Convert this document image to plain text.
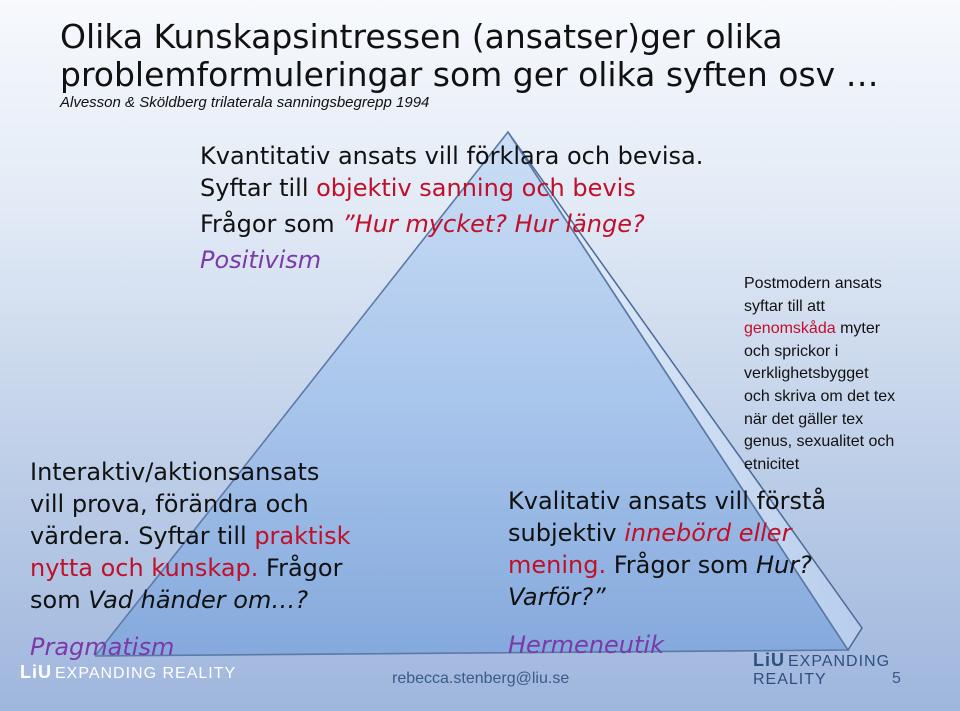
Olika Kunskapsintressen (ansatser)ger olika
problemformuleringar som ger olika syften osv …
Alvesson & Sköldberg trilaterala sanningsbegrepp 1994
Kvantitativ ansats vill förklara och bevisa.
Syftar till objektiv sanning och bevis
Frågor som ”Hur mycket? Hur länge?
Positivism
Interaktiv/aktionsansats
vill prova, förändra och
värdera. Syftar till praktisk
nytta och kunskap. Frågor
som Vad händer om…?
Pragmatism
Kvalitativ ansats vill förstå
subjektiv innebörd eller
mening. Frågor som Hur?
Varför?”
Hermeneutik
Postmodern ansats
syftar till att
genomskåda myter
och sprickor i
verklighetsbygget
och skriva om det tex
när det gäller tex
genus, sexualitet och
etnicitet
LiU EXPANDING REALITY
LiU EXPANDING REALITY
rebecca.stenberg@liu.se	5
